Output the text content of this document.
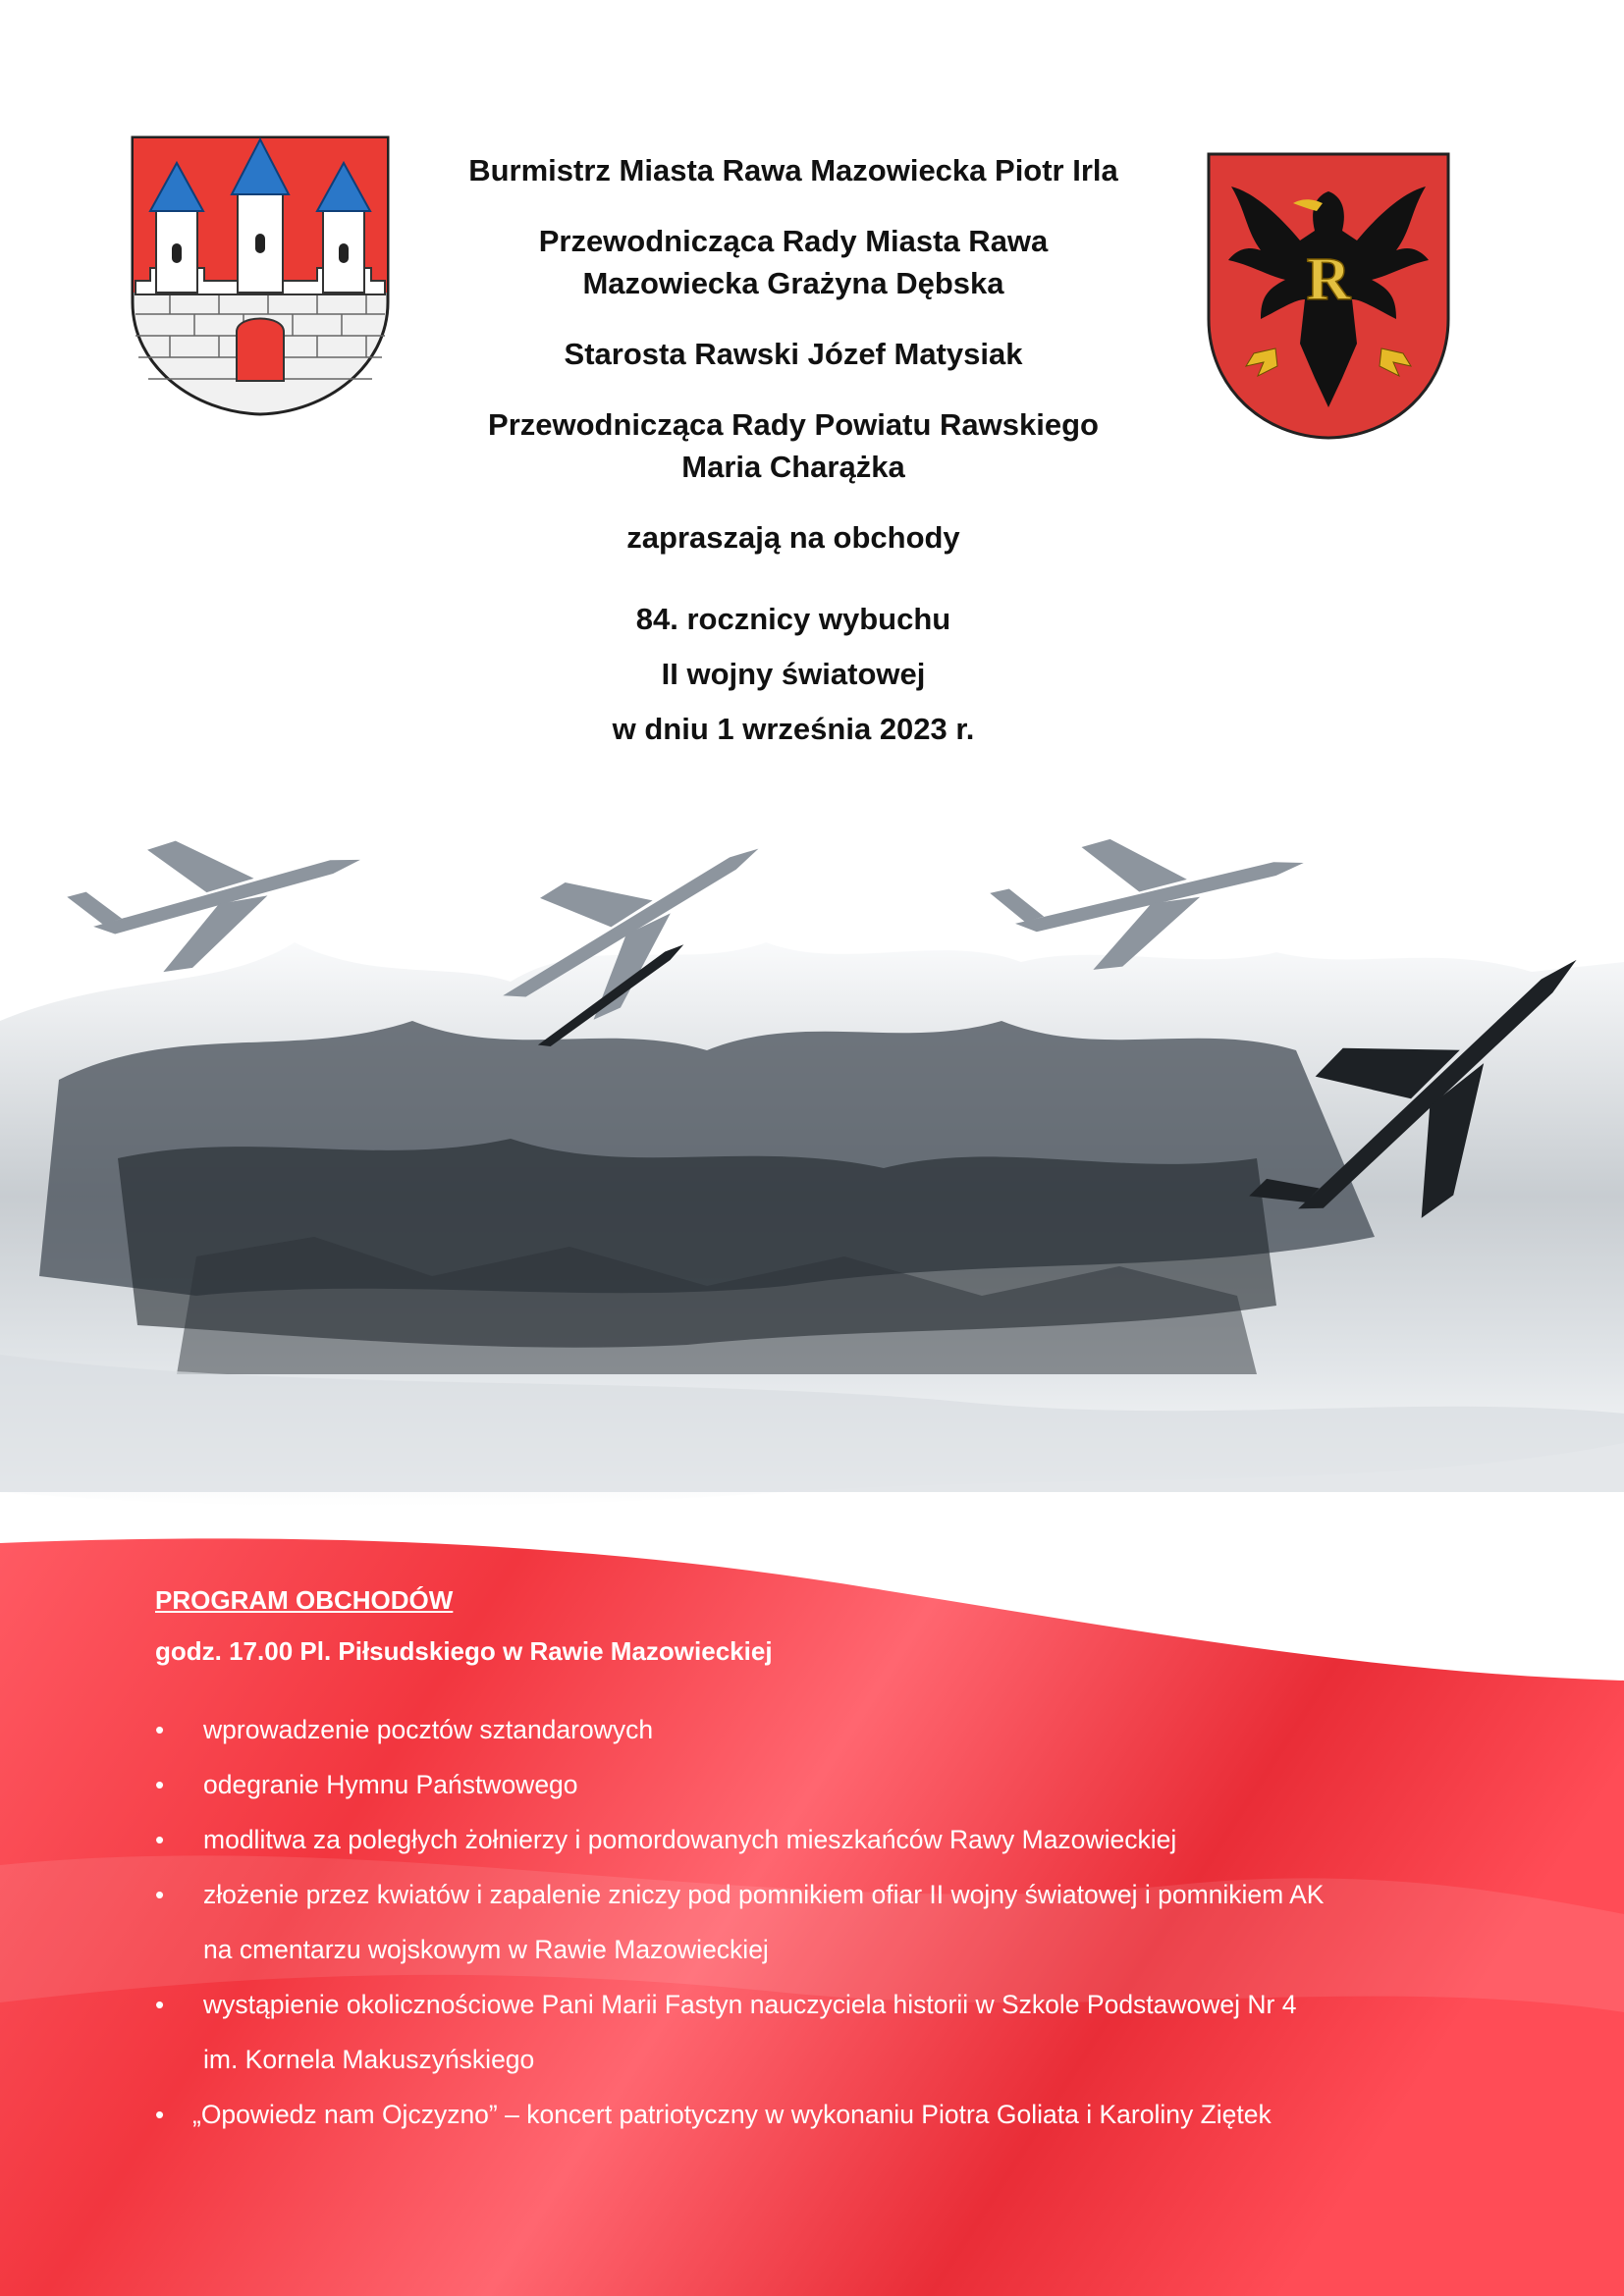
R

Burmistrz Miasta Rawa Mazowiecka Piotr Irla

Przewodnicząca Rady Miasta Rawa

Mazowiecka Grażyna Dębska

Starosta Rawski Józef Matysiak

Przewodnicząca Rady Powiatu Rawskiego

Maria Charążka

zapraszają na obchody

84. rocznicy wybuchu
II wojny światowej
w dniu 1 września 2023 r.

PROGRAM OBCHODÓW

godz. 17.00 Pl. Piłsudskiego w Rawie Mazowieckiej

• wprowadzenie pocztów sztandarowych
• odegranie Hymnu Państwowego
• modlitwa za poległych żołnierzy i pomordowanych mieszkańców Rawy Mazowieckiej
• złożenie przez kwiatów i zapalenie zniczy pod pomnikiem ofiar II wojny światowej i pomnikiem AK
na cmentarzu wojskowym w Rawie Mazowieckiej
• wystąpienie okolicznościowe Pani Marii Fastyn nauczyciela historii w Szkole Podstawowej Nr 4
im. Kornela Makuszyńskiego
• „Opowiedz nam Ojczyzno” – koncert patriotyczny w wykonaniu Piotra Goliata i Karoliny Ziętek
